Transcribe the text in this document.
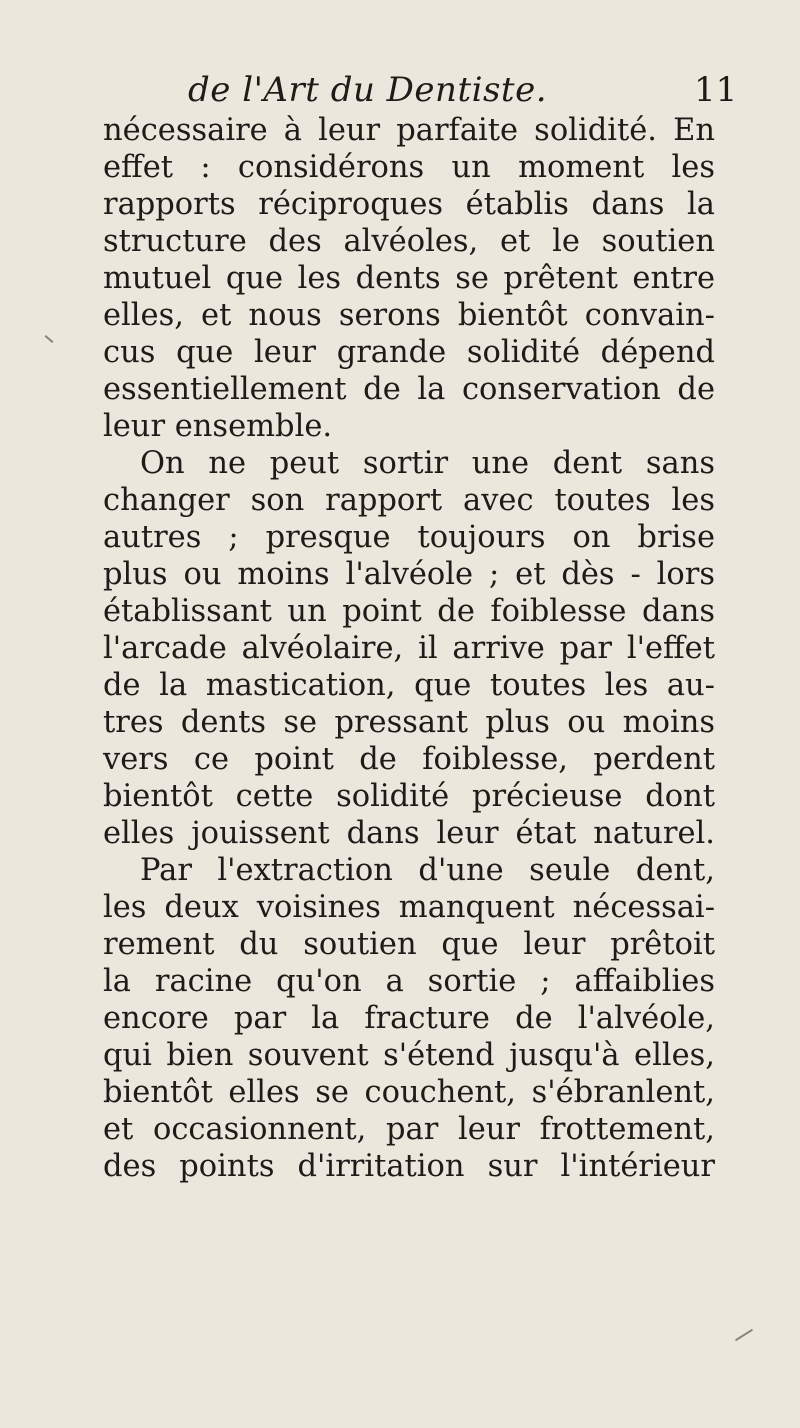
de l'Art du Dentiste.	11
nécessaire à leur parfaite solidité. En
effet : considérons un moment les
rapports réciproques établis dans la
structure des alvéoles, et le soutien
mutuel que les dents se prêtent entre
elles, et nous serons bientôt convain-
cus que leur grande solidité dépend
essentiellement de la conservation de
leur ensemble.
On ne peut sortir une dent sans
changer son rapport avec toutes les
autres ; presque toujours on brise
plus ou moins l'alvéole ; et dès - lors
établissant un point de foiblesse dans
l'arcade alvéolaire, il arrive par l'effet
de la mastication, que toutes les au-
tres dents se pressant plus ou moins
vers ce point de foiblesse, perdent
bientôt cette solidité précieuse dont
elles jouissent dans leur état naturel.
Par l'extraction d'une seule dent,
les deux voisines manquent nécessai-
rement du soutien que leur prêtoit
la racine qu'on a sortie ; affaiblies
encore par la fracture de l'alvéole,
qui bien souvent s'étend jusqu'à elles,
bientôt elles se couchent, s'ébranlent,
et occasionnent, par leur frottement,
des points d'irritation sur l'intérieur
